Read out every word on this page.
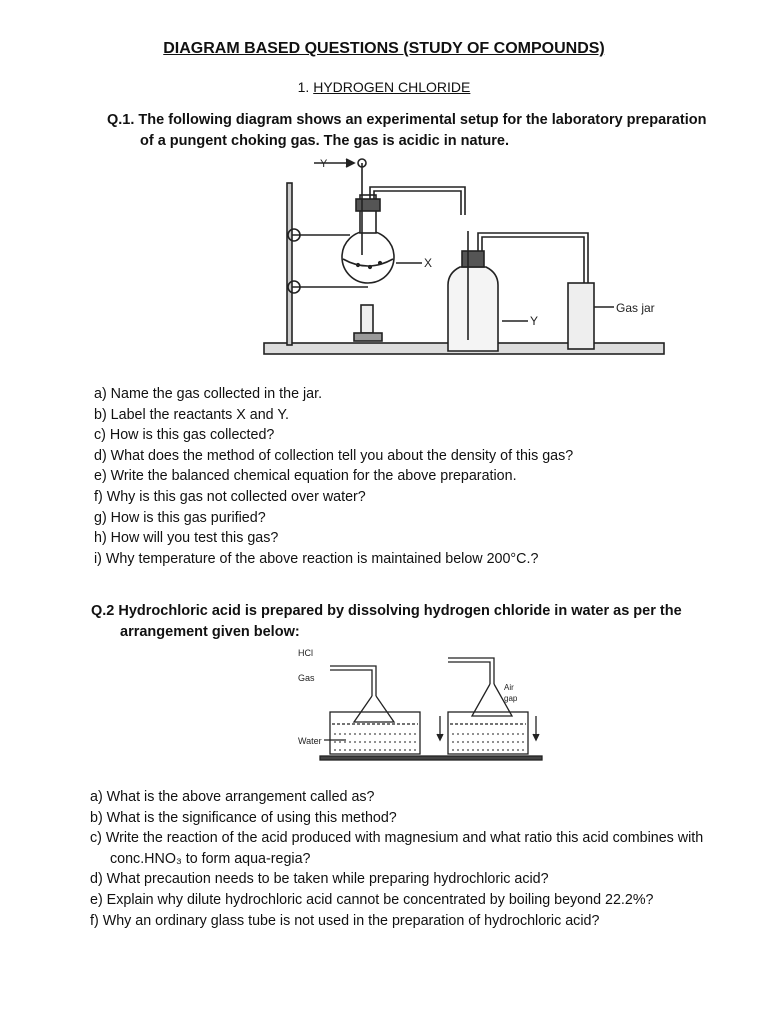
DIAGRAM BASED QUESTIONS (STUDY OF COMPOUNDS)
1. HYDROGEN CHLORIDE
Q.1. The following diagram shows an experimental setup for the laboratory preparation
of a pungent choking gas. The gas is acidic in nature.
Y
X
Y
Gas jar
a) Name the gas collected in the jar.
b) Label the reactants X and Y.
c) How is this gas collected?
d) What does the method of collection tell you about the density of this gas?
e) Write the balanced chemical equation for the above preparation.
f) Why is this gas not collected over water?
g) How is this gas purified?
h) How will you test this gas?
i) Why temperature of the above reaction is maintained below 200°C.?
Q.2 Hydrochloric acid is prepared by dissolving hydrogen chloride in water as per the
arrangement given below:
HCl
Gas
Water
Air
gap
a) What is the above arrangement called as?
b) What is the significance of using this method?
c) Write the reaction of the acid produced with magnesium and what ratio this acid combines with
conc.HNO₃ to form aqua-regia?
d) What precaution needs to be taken while preparing hydrochloric acid?
e) Explain why dilute hydrochloric acid cannot be concentrated by boiling beyond 22.2%?
f) Why an ordinary glass tube is not used in the preparation of hydrochloric acid?
